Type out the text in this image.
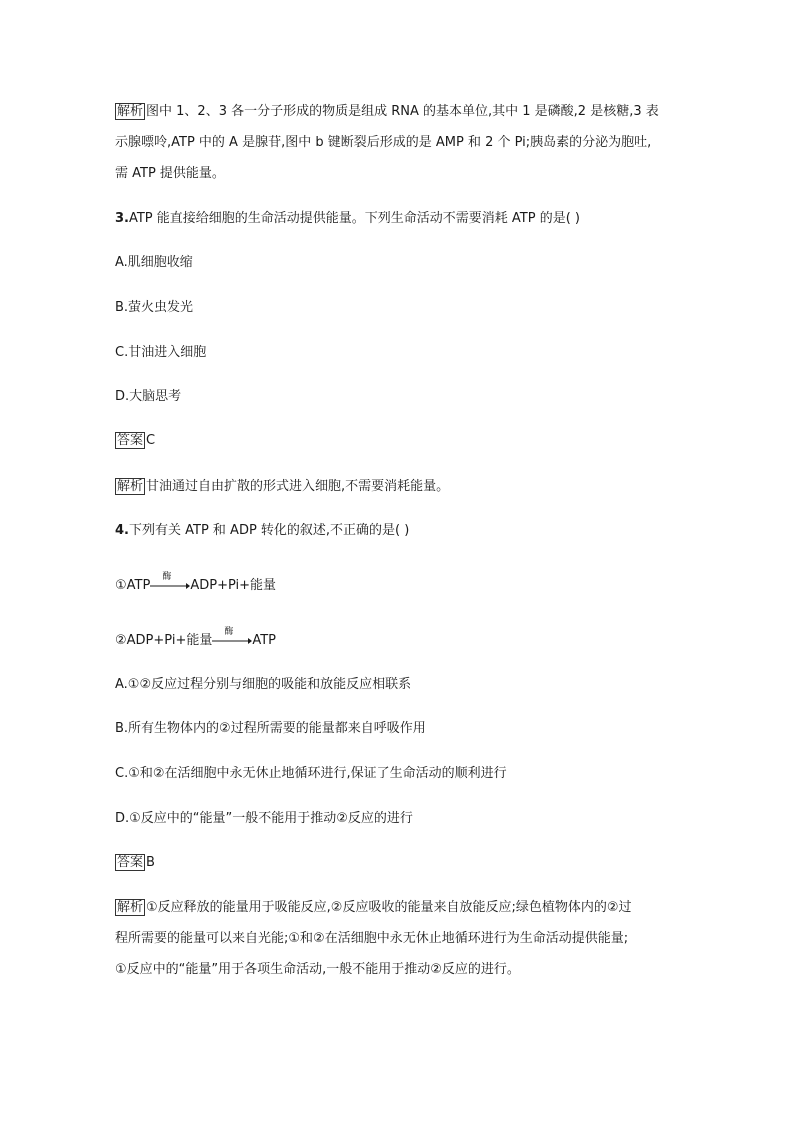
解析 图中 1、2、3 各一分子形成的物质是组成 RNA 的基本单位,其中 1 是磷酸,2 是核糖,3 表
示腺嘌呤,ATP 中的 A 是腺苷,图中 b 键断裂后形成的是 AMP 和 2 个 Pi;胰岛素的分泌为胞吐,
需 ATP 提供能量。
3.ATP 能直接给细胞的生命活动提供能量。下列生命活动不需要消耗 ATP 的是( )
A.肌细胞收缩
B.萤火虫发光
C.甘油进入细胞
D.大脑思考
答案 C
解析 甘油通过自由扩散的形式进入细胞,不需要消耗能量。
4.下列有关 ATP 和 ADP 转化的叙述,不正确的是( )
①ATP
酶
ADP+Pi+能量
②ADP+Pi+能量
酶
ATP
A.①②反应过程分别与细胞的吸能和放能反应相联系
B.所有生物体内的②过程所需要的能量都来自呼吸作用
C.①和②在活细胞中永无休止地循环进行,保证了生命活动的顺利进行
D.①反应中的“能量”一般不能用于推动②反应的进行
答案 B
解析 ①反应释放的能量用于吸能反应,②反应吸收的能量来自放能反应;绿色植物体内的②过
程所需要的能量可以来自光能;①和②在活细胞中永无休止地循环进行为生命活动提供能量;
①反应中的“能量”用于各项生命活动,一般不能用于推动②反应的进行。
